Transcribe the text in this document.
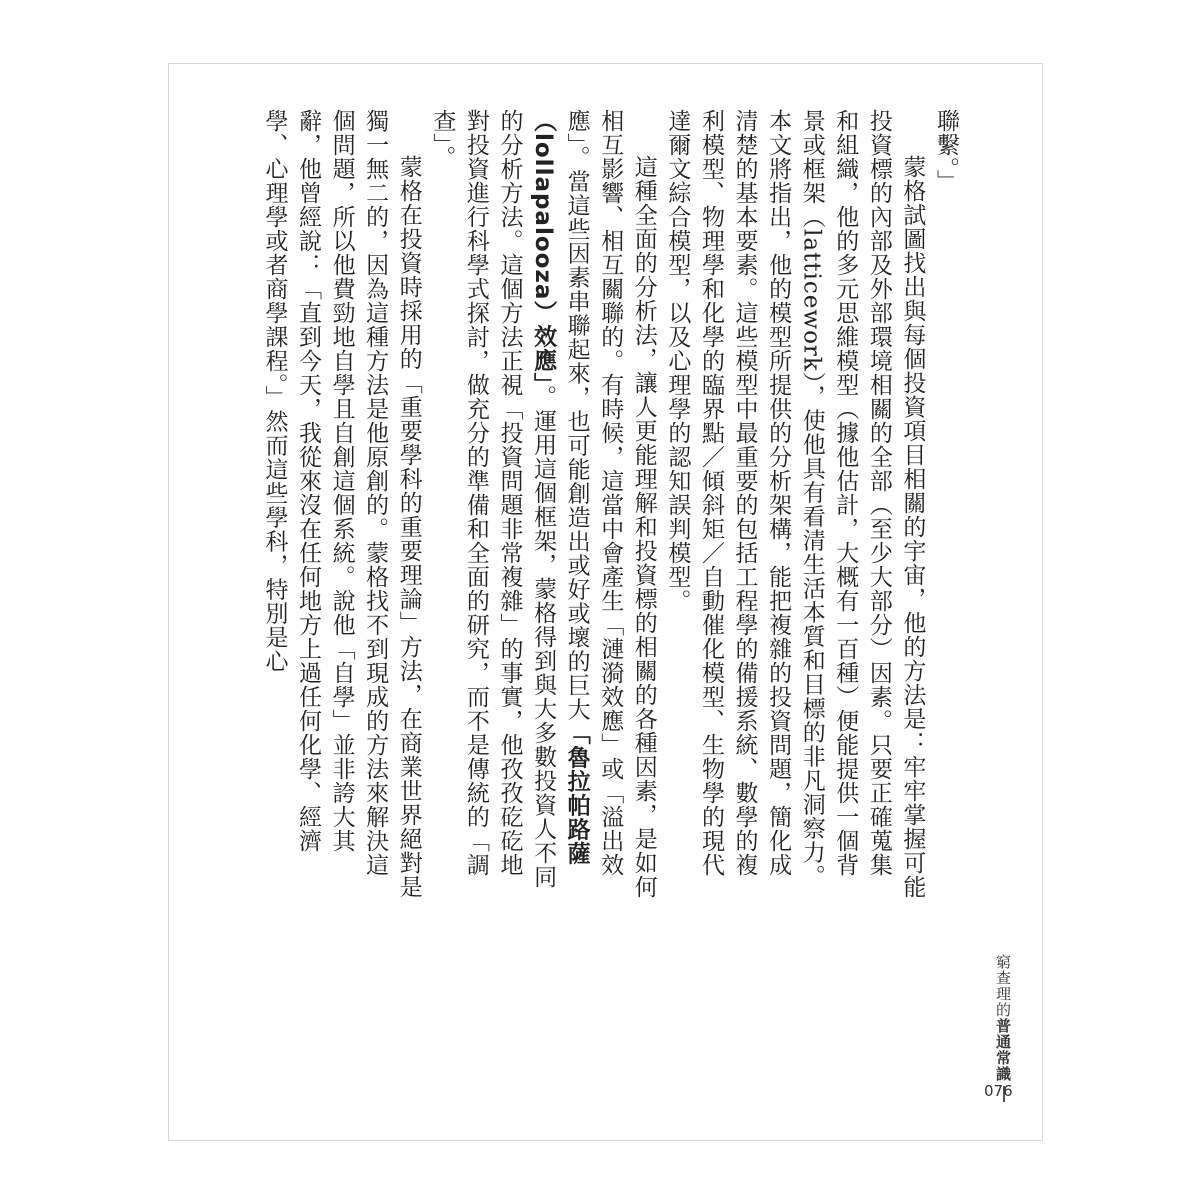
聯繫。」

蒙格試圖找出與每個投資項目相關的宇宙，他的方法是：牢牢掌握可能投資標的內部及外部環境相關的全部（至少大部分）因素。只要正確蒐集和組織，他的多元思維模型（據他估計，大概有一百種）便能提供一個背景或框架（latticework），使他具有看清生活本質和目標的非凡洞察力。本文將指出，他的模型所提供的分析架構，能把複雜的投資問題，簡化成清楚的基本要素。這些模型中最重要的包括工程學的備援系統、數學的複利模型、物理學和化學的臨界點／傾斜矩／自動催化模型、生物學的現代達爾文綜合模型，以及心理學的認知誤判模型。

這種全面的分析法，讓人更能理解和投資標的相關的各種因素，是如何相互影響、相互關聯的。有時候，這當中會產生「漣漪效應」或「溢出效應」。當這些因素串聯起來，也可能創造出或好或壞的巨大「魯拉帕路薩（lollapalooza）效應」。運用這個框架，蒙格得到與大多數投資人不同的分析方法。這個方法正視「投資問題非常複雜」的事實，他孜孜矻矻地對投資進行科學式探討，做充分的準備和全面的研究，而不是傳統的「調查」。

蒙格在投資時採用的「重要學科的重要理論」方法，在商業世界絕對是獨一無二的，因為這種方法是他原創的。蒙格找不到現成的方法來解決這個問題，所以他費勁地自學且自創這個系統。說他「自學」並非誇大其辭，他曾經說：「直到今天，我從來沒在任何地方上過任何化學、經濟學、心理學或者商學課程。」然而這些學科，特別是心

窮查理的
普通常識
076
